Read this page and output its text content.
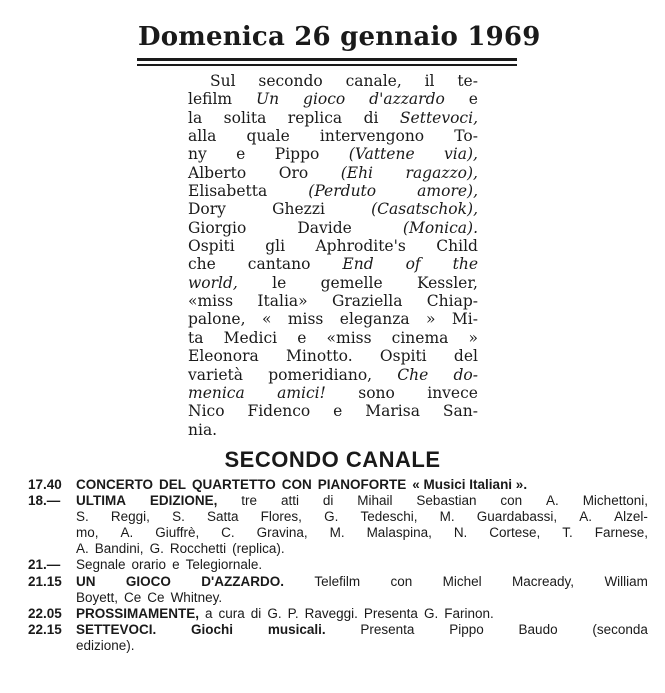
Domenica 26 gennaio 1969
Sul secondo canale, il te-
lefilm Un gioco d'azzardo e
la solita replica di Settevoci,
alla quale intervengono To-
ny e Pippo (Vattene via),
Alberto Oro (Ehi ragazzo),
Elisabetta	(Perduto	amore),
Dory	Ghezzi	(Casatschok),
Giorgio	Davide	(Monica).
Ospiti gli Aphrodite's Child
che cantano End of the
world, le gemelle Kessler,
«miss Italia» Graziella Chiap-
palone, « miss eleganza » Mi-
ta Medici e «miss cinema »
Eleonora Minotto. Ospiti del
varietà pomeridiano, Che do-
menica amici! sono invece
Nico Fidenco e Marisa San-
nia.
SECONDO CANALE
17.40	CONCERTO DEL QUARTETTO CON PIANOFORTE « Musici Italiani ».
18.—	ULTIMA EDIZIONE, tre atti di Mihail Sebastian con A. Michettoni,
S. Reggi, S. Satta Flores, G. Tedeschi, M. Guardabassi, A. Alzel-
mo, A. Giuffrè, C. Gravina, M. Malaspina, N. Cortese, T. Farnese,
A. Bandini, G. Rocchetti (replica).
21.—	Segnale orario e Telegiornale.
21.15	UN GIOCO D'AZZARDO. Telefilm con Michel Macready, William
Boyett, Ce Ce Whitney.
22.05	PROSSIMAMENTE, a cura di G. P. Raveggi. Presenta G. Farinon.
22.15	SETTEVOCI.	Giochi	musicali.	Presenta	Pippo	Baudo	(seconda
edizione).
